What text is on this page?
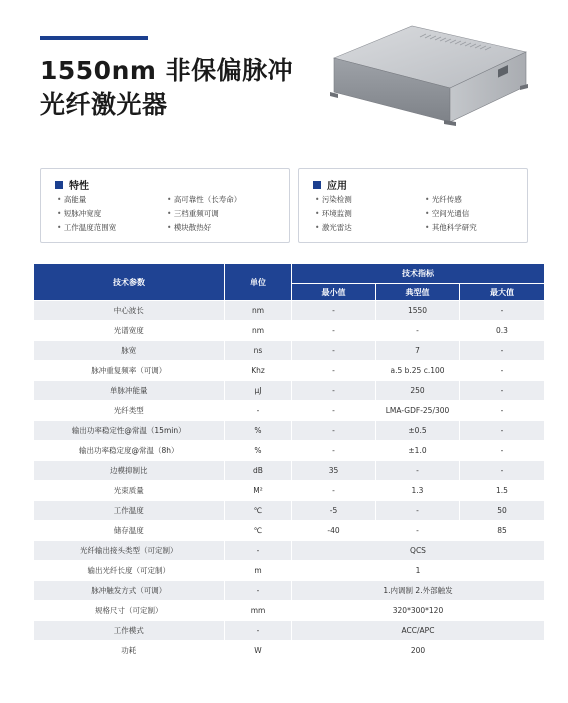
1550nm 非保偏脉冲
光纤激光器
特性
• 高能量	• 高可靠性（长寿命）
• 短脉冲宽度	• 三档重频可调
• 工作温度范围宽	• 模块散热好
应用
• 污染检测	• 光纤传感
• 环境监测	• 空间光通信
• 激光雷达	• 其他科学研究
技术参数	单位	技术指标		
		最小值	典型值	最大值
中心波长	nm	-	1550	-
光谱宽度	nm	-	-	0.3
脉宽	ns	-	7	-
脉冲重复频率（可调）	Khz	-	a.5 b.25 c.100	-
单脉冲能量	μJ	-	250	-
光纤类型	-	-	LMA-GDF-25/300	-
输出功率稳定性@常温（15min）	%	-	±0.5	-
输出功率稳定度@常温（8h）	%	-	±1.0	-
边模抑制比	dB	35	-	-
光束质量	M²	-	1.3	1.5
工作温度	℃	-5	-	50
储存温度	℃	-40	-	85
光纤输出接头类型（可定制）	-	QCS		
输出光纤长度（可定制）	m	1		
脉冲触发方式（可调）	-	1.内调制 2.外部触发		
规格尺寸（可定制）	mm	320*300*120		
工作模式	-	ACC/APC		
功耗	W	200		
